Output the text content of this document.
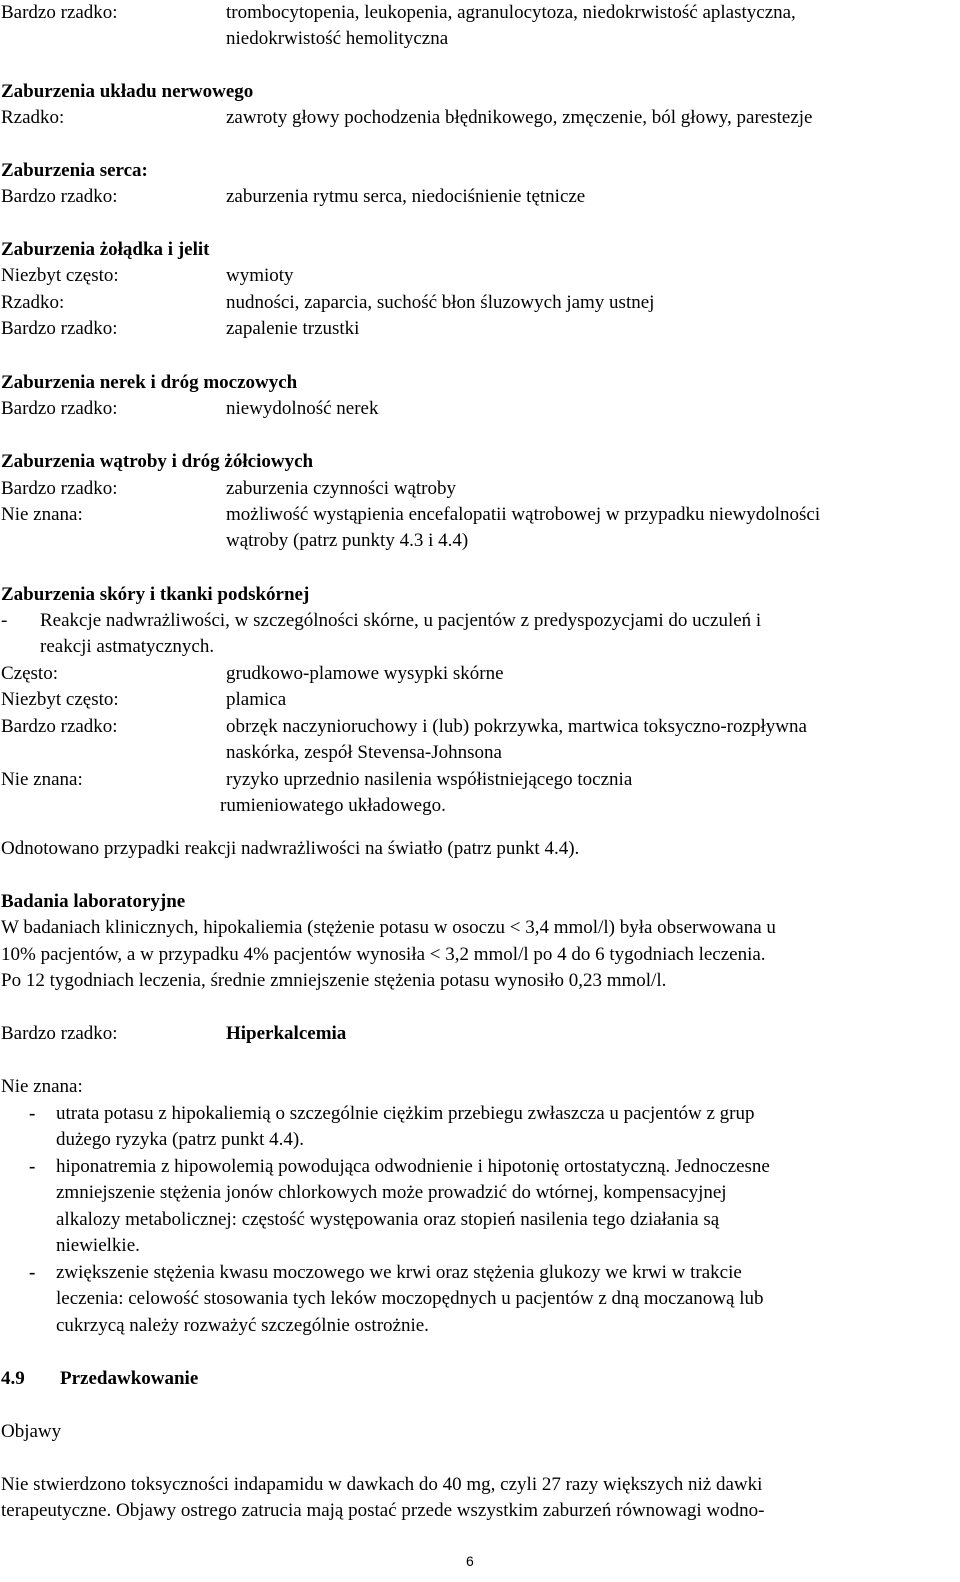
Bardzo rzadko:	trombocytopenia, leukopenia, agranulocytoza, niedokrwistość aplastyczna,
niedokrwistość hemolityczna
Zaburzenia układu nerwowego
Rzadko:	zawroty głowy pochodzenia błędnikowego, zmęczenie, ból głowy, parestezje
Zaburzenia serca:
Bardzo rzadko:	zaburzenia rytmu serca, niedociśnienie tętnicze
Zaburzenia żołądka i jelit
Niezbyt często:	wymioty
Rzadko:	nudności, zaparcia, suchość błon śluzowych jamy ustnej
Bardzo rzadko:	zapalenie trzustki
Zaburzenia nerek i dróg moczowych
Bardzo rzadko:	niewydolność nerek
Zaburzenia wątroby i dróg żółciowych
Bardzo rzadko:	zaburzenia czynności wątroby
Nie znana:	możliwość wystąpienia encefalopatii wątrobowej w przypadku niewydolności
wątroby (patrz punkty 4.3 i 4.4)
Zaburzenia skóry i tkanki podskórnej
- Reakcje nadwrażliwości, w szczególności skórne, u pacjentów z predyspozycjami do uczuleń i
reakcji astmatycznych.
Często:	grudkowo-plamowe wysypki skórne
Niezbyt często:	plamica
Bardzo rzadko:	obrzęk naczynioruchowy i (lub) pokrzywka, martwica toksyczno-rozpływna
naskórka, zespół Stevensa-Johnsona
Nie znana:	ryzyko uprzednio nasilenia współistniejącego tocznia
rumieniowatego układowego.
Odnotowano przypadki reakcji nadwrażliwości na światło (patrz punkt 4.4).
Badania laboratoryjne
W badaniach klinicznych, hipokaliemia (stężenie potasu w osoczu < 3,4 mmol/l) była obserwowana u
10% pacjentów, a w przypadku 4% pacjentów wynosiła < 3,2 mmol/l po 4 do 6 tygodniach leczenia.
Po 12 tygodniach leczenia, średnie zmniejszenie stężenia potasu wynosiło 0,23 mmol/l.
Bardzo rzadko:	Hiperkalcemia
Nie znana:
- utrata potasu z hipokaliemią o szczególnie ciężkim przebiegu zwłaszcza u pacjentów z grup
dużego ryzyka (patrz punkt 4.4).
- hiponatremia z hipowolemią powodująca odwodnienie i hipotonię ortostatyczną. Jednoczesne
zmniejszenie stężenia jonów chlorkowych może prowadzić do wtórnej, kompensacyjnej
alkalozy metabolicznej: częstość występowania oraz stopień nasilenia tego działania są
niewielkie.
- zwiększenie stężenia kwasu moczowego we krwi oraz stężenia glukozy we krwi w trakcie
leczenia: celowość stosowania tych leków moczopędnych u pacjentów z dną moczanową lub
cukrzycą należy rozważyć szczególnie ostrożnie.
4.9 Przedawkowanie
Objawy
Nie stwierdzono toksyczności indapamidu w dawkach do 40 mg, czyli 27 razy większych niż dawki
terapeutyczne. Objawy ostrego zatrucia mają postać przede wszystkim zaburzeń równowagi wodno-
6
